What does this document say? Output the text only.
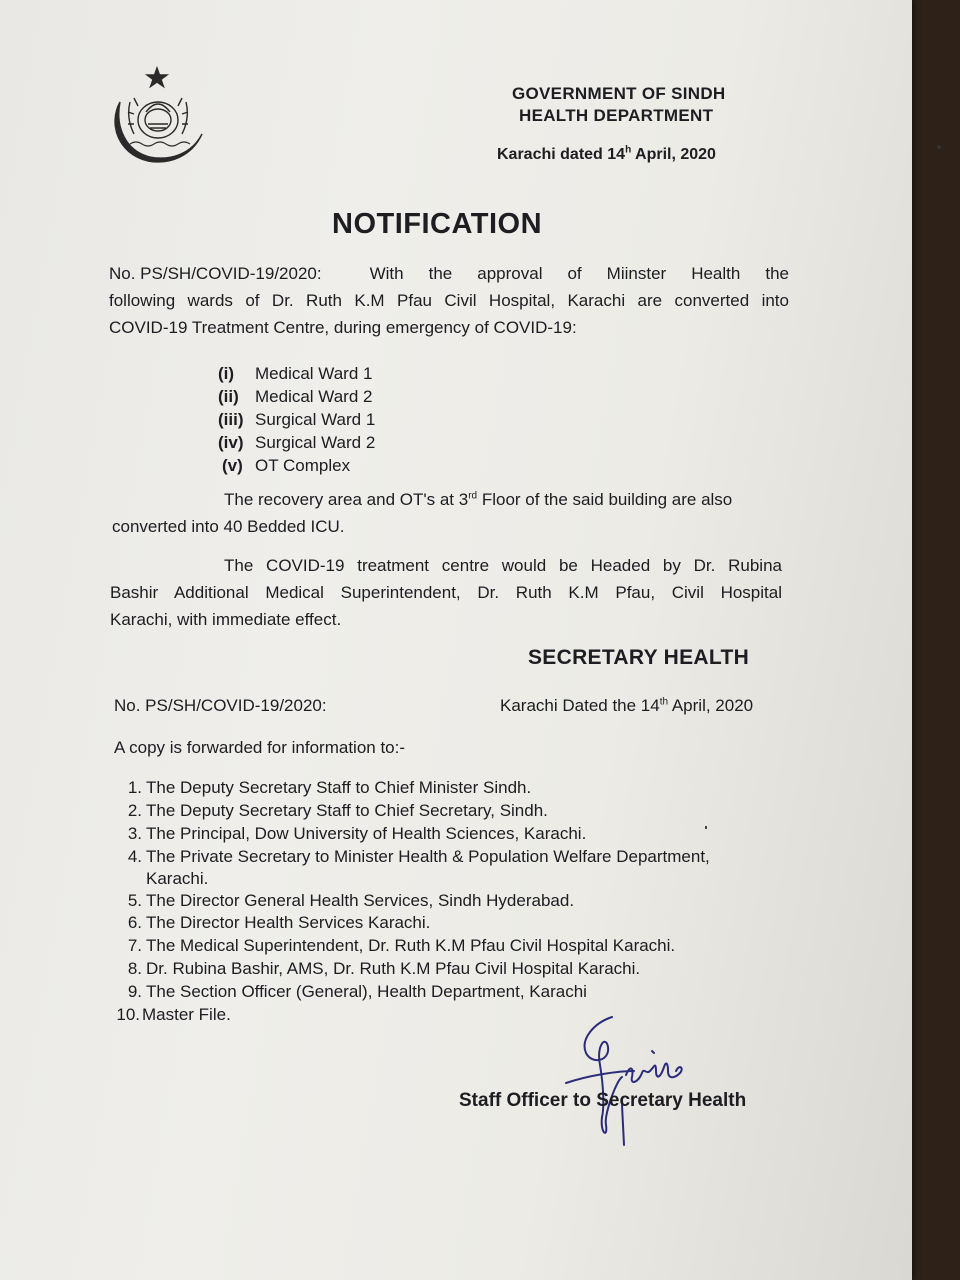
GOVERNMENT OF SINDH
HEALTH DEPARTMENT
Karachi dated 14$^h$ April, 2020
NOTIFICATION
No. PS/SH/COVID-19/2020:	With the approval of Miinster Health the
following wards of Dr. Ruth K.M Pfau Civil Hospital, Karachi are converted into
COVID-19 Treatment Centre, during emergency of COVID-19:
(i) Medical Ward 1
(ii) Medical Ward 2
(iii) Surgical Ward 1
(iv) Surgical Ward 2
(v) OT Complex
The recovery area and OT's at 3rd Floor of the said building are also
converted into 40 Bedded ICU.
The COVID-19 treatment centre would be Headed by Dr. Rubina
Bashir Additional Medical Superintendent, Dr. Ruth K.M Pfau, Civil Hospital
Karachi, with immediate effect.
SECRETARY HEALTH
No. PS/SH/COVID-19/2020:	Karachi Dated the 14th April, 2020
A copy is forwarded for information to:-
1. The Deputy Secretary Staff to Chief Minister Sindh.
2. The Deputy Secretary Staff to Chief Secretary, Sindh.
3. The Principal, Dow University of Health Sciences, Karachi.
4. The Private Secretary to Minister Health & Population Welfare Department,
Karachi.
5. The Director General Health Services, Sindh Hyderabad.
6. The Director Health Services Karachi.
7. The Medical Superintendent, Dr. Ruth K.M Pfau Civil Hospital Karachi.
8. Dr. Rubina Bashir, AMS, Dr. Ruth K.M Pfau Civil Hospital Karachi.
9. The Section Officer (General), Health Department, Karachi
10. Master File.
Staff Officer to Secretary Health
